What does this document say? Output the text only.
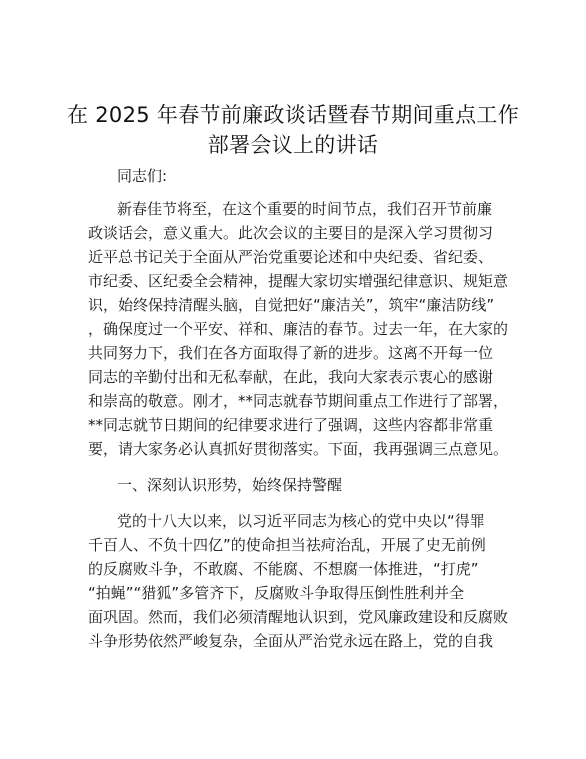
在 2025 年春节前廉政谈话暨春节期间重点工作
部署会议上的讲话
同志们:
新春佳节将至，在这个重要的时间节点，我们召开节前廉
政谈话会，意义重大。此次会议的主要目的是深入学习贯彻习
近平总书记关于全面从严治党重要论述和中央纪委、省纪委、
市纪委、区纪委全会精神，提醒大家切实增强纪律意识、规矩意
识，始终保持清醒头脑，自觉把好“廉洁关”，筑牢“廉洁防线”
，确保度过一个平安、祥和、廉洁的春节。过去一年，在大家的
共同努力下，我们在各方面取得了新的进步。这离不开每一位
同志的辛勤付出和无私奉献，在此，我向大家表示衷心的感谢
和崇高的敬意。刚才，**同志就春节期间重点工作进行了部署，
**同志就节日期间的纪律要求进行了强调，这些内容都非常重
要，请大家务必认真抓好贯彻落实。下面，我再强调三点意见。
一、深刻认识形势，始终保持警醒
党的十八大以来，以习近平同志为核心的党中央以“得罪
千百人、不负十四亿”的使命担当祛疴治乱，开展了史无前例
的反腐败斗争，不敢腐、不能腐、不想腐一体推进，“打虎”
“拍蝇”“猎狐”多管齐下，反腐败斗争取得压倒性胜利并全
面巩固。然而，我们必须清醒地认识到，党风廉政建设和反腐败
斗争形势依然严峻复杂，全面从严治党永远在路上，党的自我
